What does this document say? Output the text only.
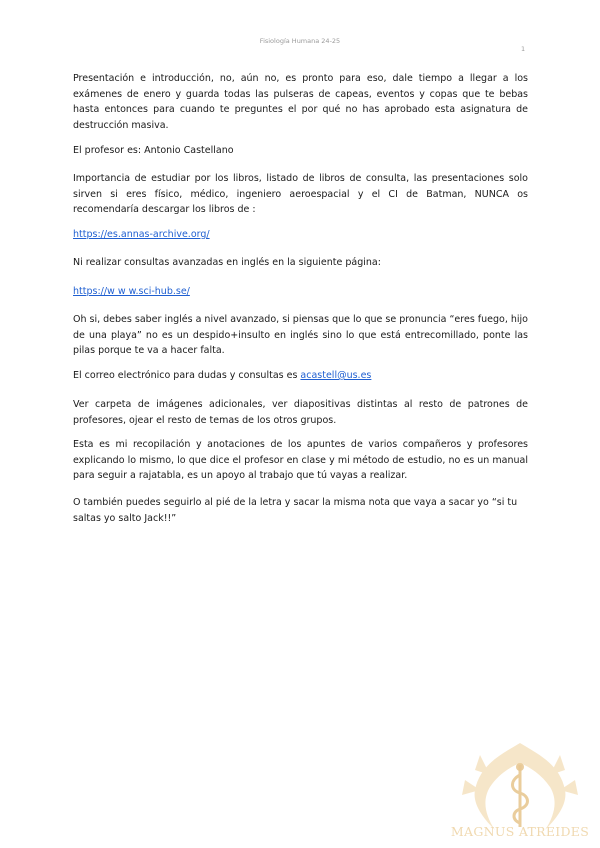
Fisiología Humana 24-25
1

Presentación e introducción, no, aún no, es pronto para eso, dale tiempo a llegar a los exámenes de enero y guarda todas las pulseras de capeas, eventos y copas que te bebas hasta entonces para cuando te preguntes el por qué no has aprobado esta asignatura de destrucción masiva.

El profesor es: Antonio Castellano

Importancia de estudiar por los libros, listado de libros de consulta, las presentaciones solo sirven si eres físico, médico, ingeniero aeroespacial y el CI de Batman, NUNCA os recomendaría descargar los libros de :

https://es.annas-archive.org/

Ni realizar consultas avanzadas en inglés en la siguiente página:

https://w w w.sci-hub.se/

Oh si, debes saber inglés a nivel avanzado, si piensas que lo que se pronuncia “eres fuego, hijo de una playa” no es un despido+insulto en inglés sino lo que está entrecomillado, ponte las pilas porque te va a hacer falta.

El correo electrónico para dudas y consultas es acastell@us.es

Ver carpeta de imágenes adicionales, ver diapositivas distintas al resto de patrones de profesores, ojear el resto de temas de los otros grupos.

Esta es mi recopilación y anotaciones de los apuntes de varios compañeros y profesores explicando lo mismo, lo que dice el profesor en clase y mi método de estudio, no es un manual para seguir a rajatabla, es un apoyo al trabajo que tú vayas a realizar.

O también puedes seguirlo al pié de la letra y sacar la misma nota que vaya a sacar yo “si tu saltas yo salto Jack!!”

MAGNUS ATREIDES
